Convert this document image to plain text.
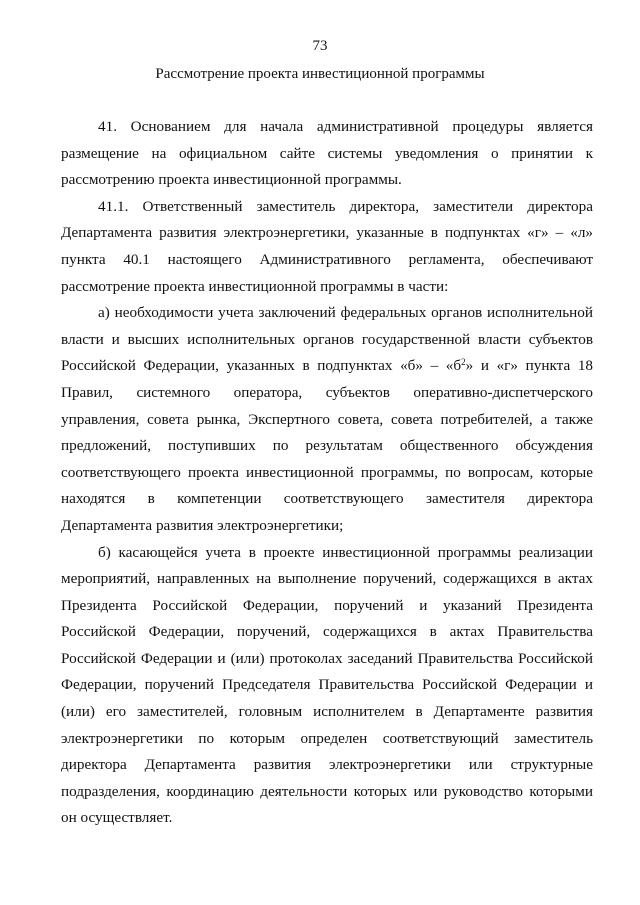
73
Рассмотрение проекта инвестиционной программы

41. Основанием для начала административной процедуры является размещение на официальном сайте системы уведомления о принятии к рассмотрению проекта инвестиционной программы.

41.1. Ответственный заместитель директора, заместители директора Департамента развития электроэнергетики, указанные в подпунктах «г» – «л» пункта 40.1 настоящего Административного регламента, обеспечивают рассмотрение проекта инвестиционной программы в части:

а) необходимости учета заключений федеральных органов исполнительной власти и высших исполнительных органов государственной власти субъектов Российской Федерации, указанных в подпунктах «б» – «$б^2$» и «г» пункта 18 Правил, системного оператора, субъектов оперативно-диспетчерского управления, совета рынка, Экспертного совета, совета потребителей, а также предложений, поступивших по результатам общественного обсуждения соответствующего проекта инвестиционной программы, по вопросам, которые находятся в компетенции соответствующего заместителя директора Департамента развития электроэнергетики;

б) касающейся учета в проекте инвестиционной программы реализации мероприятий, направленных на выполнение поручений, содержащихся в актах Президента Российской Федерации, поручений и указаний Президента Российской Федерации, поручений, содержащихся в актах Правительства Российской Федерации и (или) протоколах заседаний Правительства Российской Федерации, поручений Председателя Правительства Российской Федерации и (или) его заместителей, головным исполнителем в Департаменте развития электроэнергетики по которым определен соответствующий заместитель директора Департамента развития электроэнергетики или структурные подразделения, координацию деятельности которых или руководство которыми он осуществляет.
